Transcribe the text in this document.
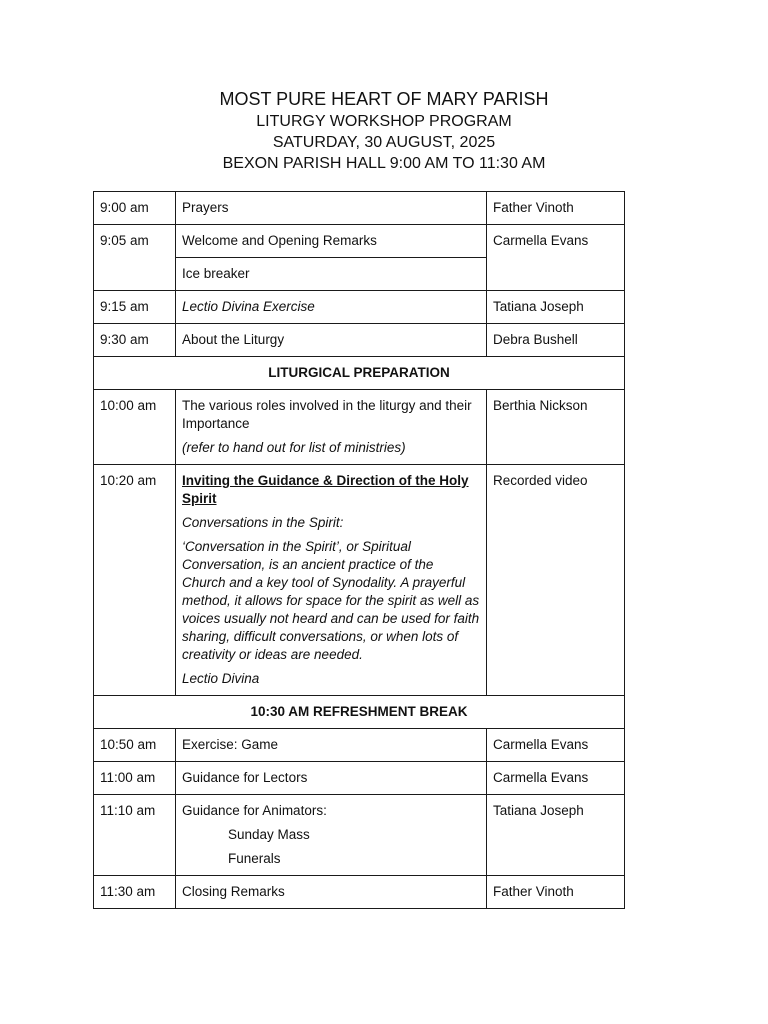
MOST PURE HEART OF MARY PARISH
LITURGY WORKSHOP PROGRAM
SATURDAY, 30 AUGUST, 2025
BEXON PARISH HALL 9:00 AM TO 11:30 AM
9:00 am	Prayers	Father Vinoth
9:05 am	Welcome and Opening Remarks	Carmella Evans
	Ice breaker	
9:15 am	Lectio Divina Exercise	Tatiana Joseph
9:30 am	About the Liturgy	Debra Bushell
LITURGICAL PREPARATION		
10:00 am	The various roles involved in the liturgy and their Importance
(refer to hand out for list of ministries)	Berthia Nickson
10:20 am	Inviting the Guidance & Direction of the Holy Spirit
Conversations in the Spirit:
‘Conversation in the Spirit’, or Spiritual Conversation, is an ancient practice of the Church and a key tool of Synodality. A prayerful method, it allows for space for the spirit as well as voices usually not heard and can be used for faith sharing, difficult conversations, or when lots of creativity or ideas are needed.
Lectio Divina	Recorded video
10:30 AM REFRESHMENT BREAK		
10:50 am	Exercise: Game	Carmella Evans
11:00 am	Guidance for Lectors	Carmella Evans
11:10 am	Guidance for Animators:
Sunday Mass
Funerals	Tatiana Joseph
11:30 am	Closing Remarks	Father Vinoth
